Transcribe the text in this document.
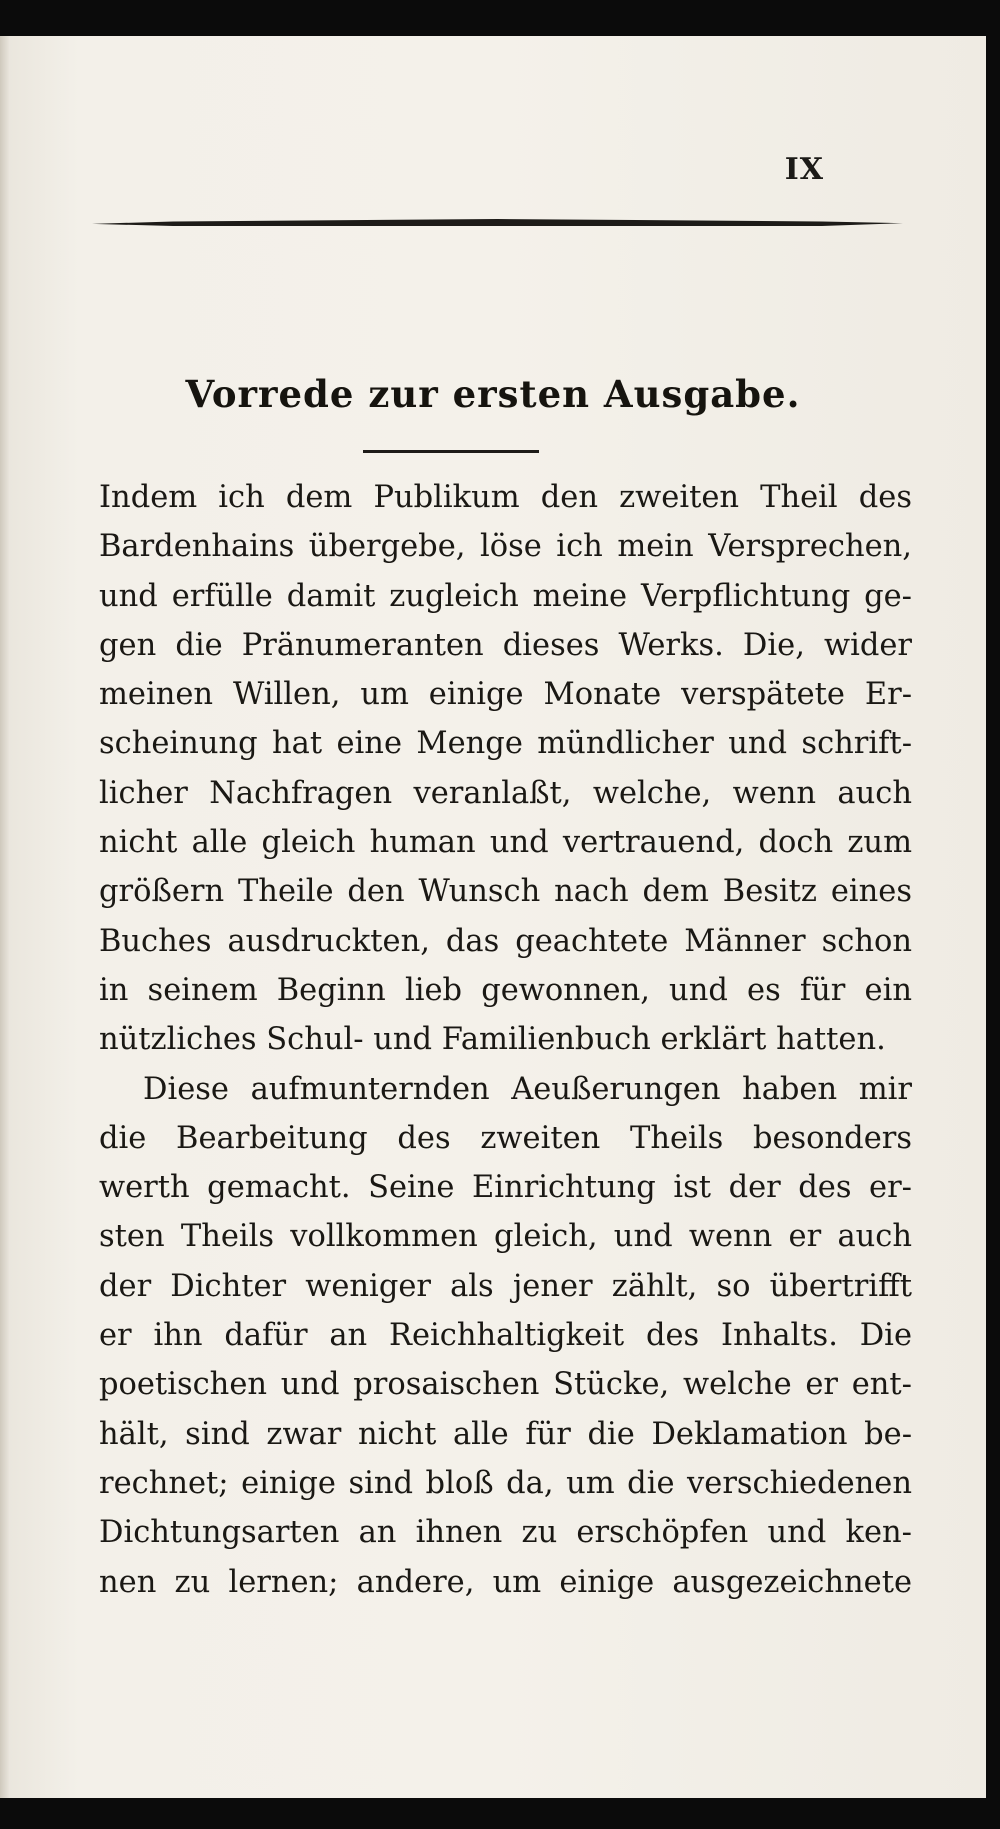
IX
Vorrede zur ersten Ausgabe.
Indem ich dem Publikum den zweiten Theil des
Bardenhains übergebe, löse ich mein Versprechen,
und erfülle damit zugleich meine Verpflichtung ge-
gen die Pränumeranten dieses Werks. Die, wider
meinen Willen, um einige Monate verspätete Er-
scheinung hat eine Menge mündlicher und schrift-
licher Nachfragen veranlaßt, welche, wenn auch
nicht alle gleich human und vertrauend, doch zum
größern Theile den Wunsch nach dem Besitz eines
Buches ausdruckten, das geachtete Männer schon
in seinem Beginn lieb gewonnen, und es für ein
nützliches Schul- und Familienbuch erklärt hatten.
Diese aufmunternden Aeußerungen haben mir
die Bearbeitung des zweiten Theils besonders
werth gemacht. Seine Einrichtung ist der des er-
sten Theils vollkommen gleich, und wenn er auch
der Dichter weniger als jener zählt, so übertrifft
er ihn dafür an Reichhaltigkeit des Inhalts. Die
poetischen und prosaischen Stücke, welche er ent-
hält, sind zwar nicht alle für die Deklamation be-
rechnet; einige sind bloß da, um die verschiedenen
Dichtungsarten an ihnen zu erschöpfen und ken-
nen zu lernen; andere, um einige ausgezeichnete
